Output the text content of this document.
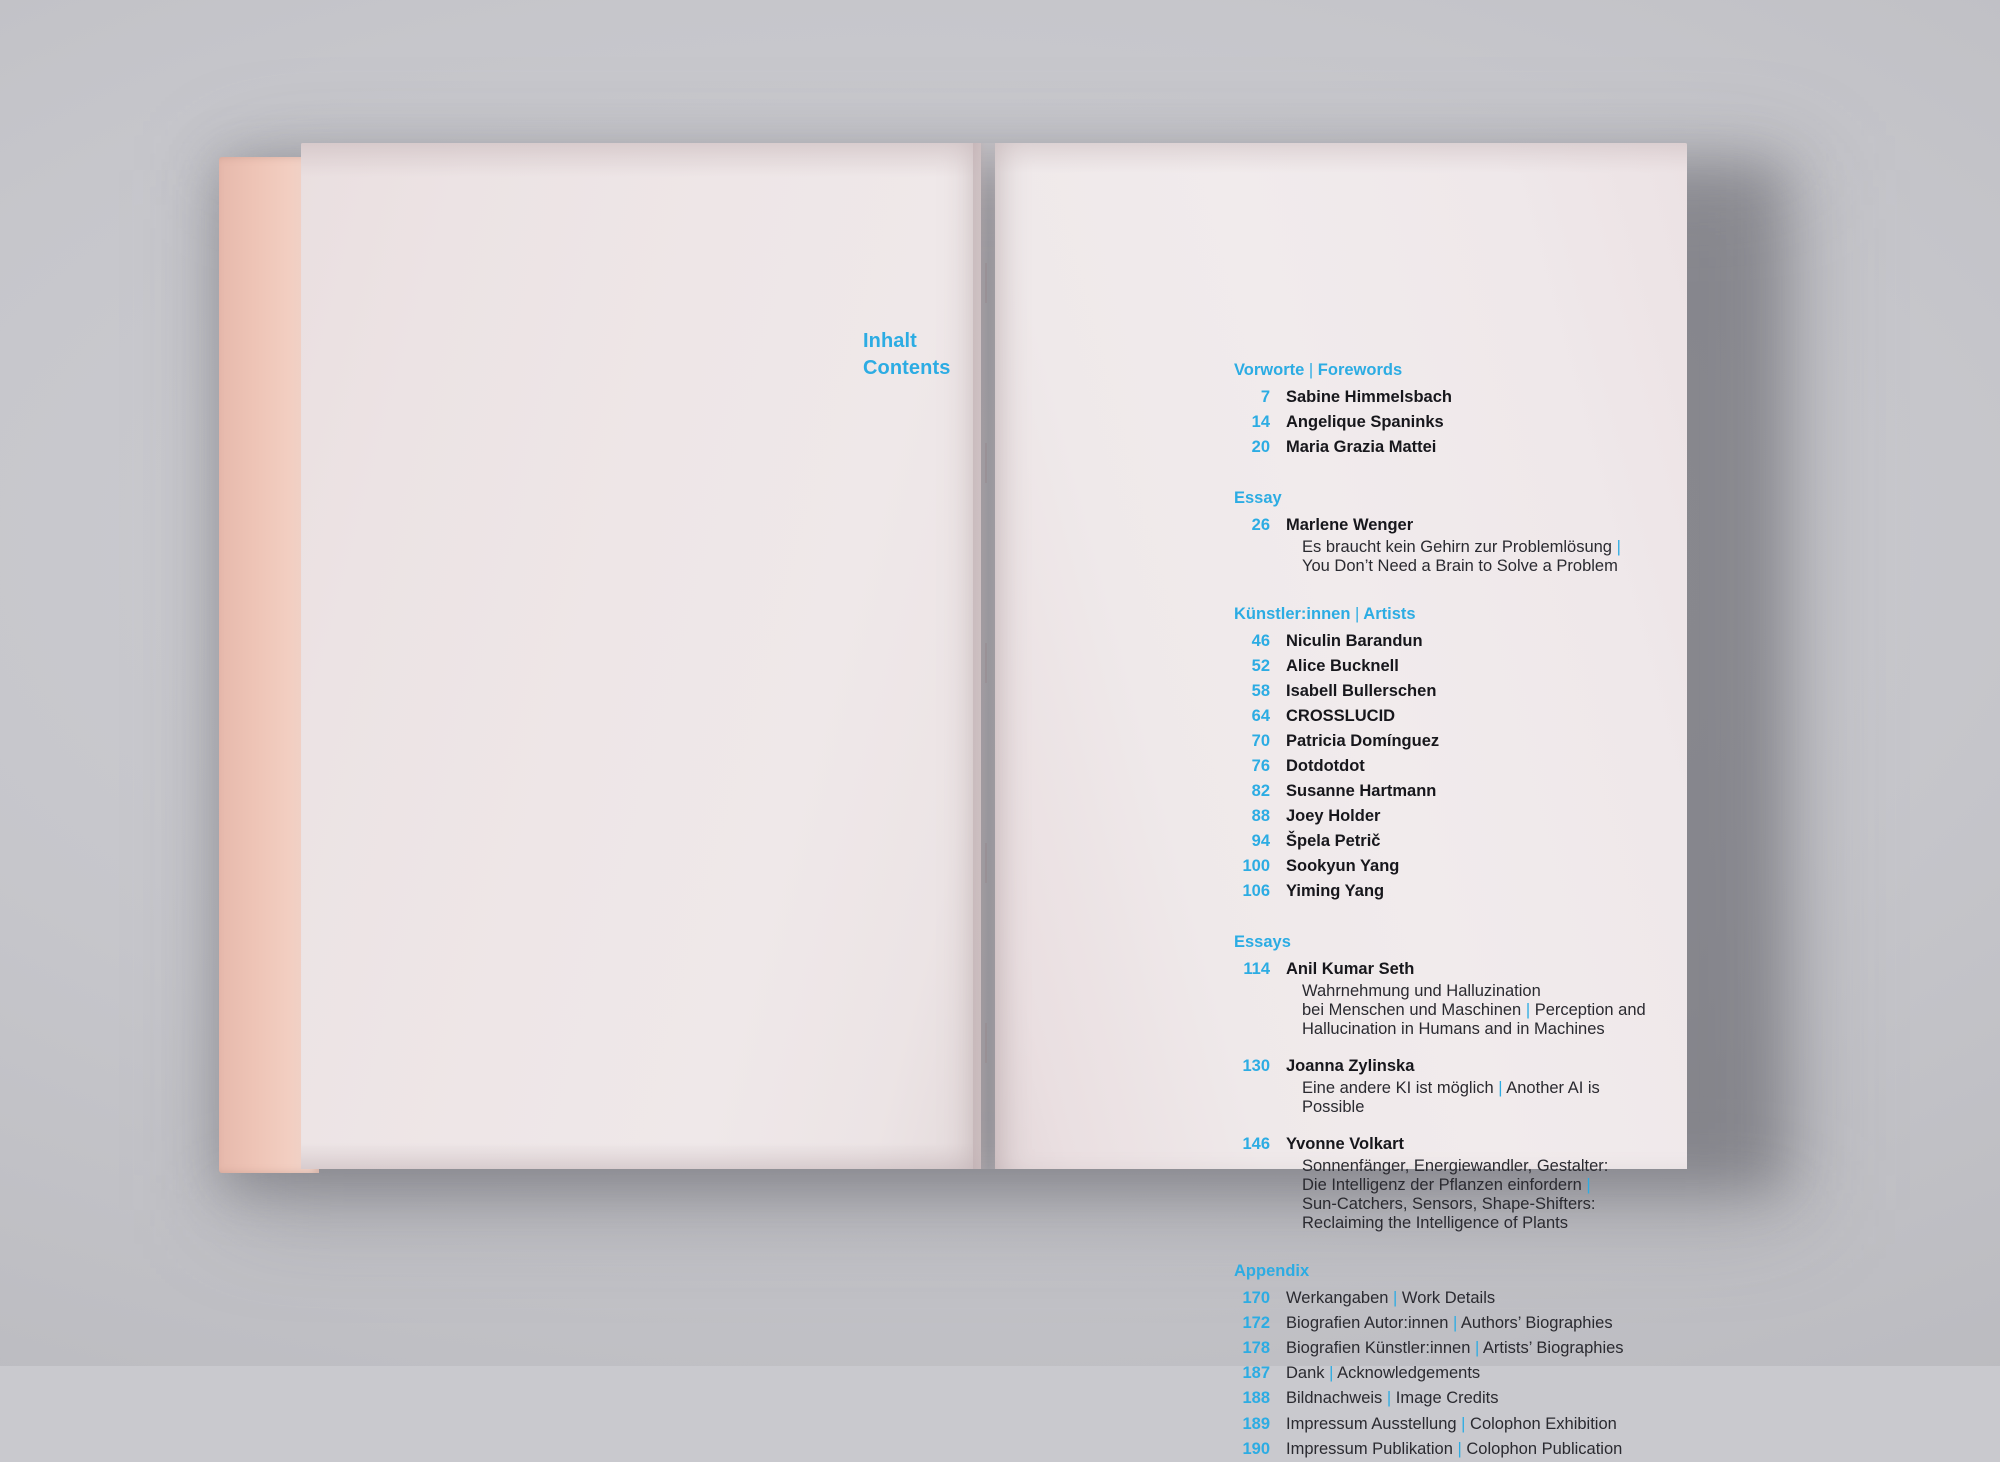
Inhalt
Contents	Vorworte | Forewords
7 Sabine Himmelsbach
14 Angelique Spaninks
20 Maria Grazia Mattei
Essay
26 Marlene Wenger
Es braucht kein Gehirn zur Problemlösung |
You Don’t Need a Brain to Solve a Problem
Künstler:innen | Artists
46 Niculin Barandun
52 Alice Bucknell
58 Isabell Bullerschen
64 CROSSLUCID
70 Patricia Domínguez
76 Dotdotdot
82 Susanne Hartmann
88 Joey Holder
94 Špela Petrič
100 Sookyun Yang
106 Yiming Yang
Essays
114 Anil Kumar Seth
Wahrnehmung und Halluzination
bei Menschen und Maschinen | Perception and
Hallucination in Humans and in Machines
130 Joanna Zylinska
Eine andere KI ist möglich | Another AI is Possible
146 Yvonne Volkart
Sonnenfänger, Energiewandler, Gestalter:
Die Intelligenz der Pflanzen einfordern |
Sun-Catchers, Sensors, Shape-Shifters:
Reclaiming the Intelligence of Plants
Appendix
170 Werkangaben | Work Details
172 Biografien Autor:innen | Authors’ Biographies
178 Biografien Künstler:innen | Artists’ Biographies
187 Dank | Acknowledgements
188 Bildnachweis | Image Credits
189 Impressum Ausstellung | Colophon Exhibition
190 Impressum Publikation | Colophon Publication
